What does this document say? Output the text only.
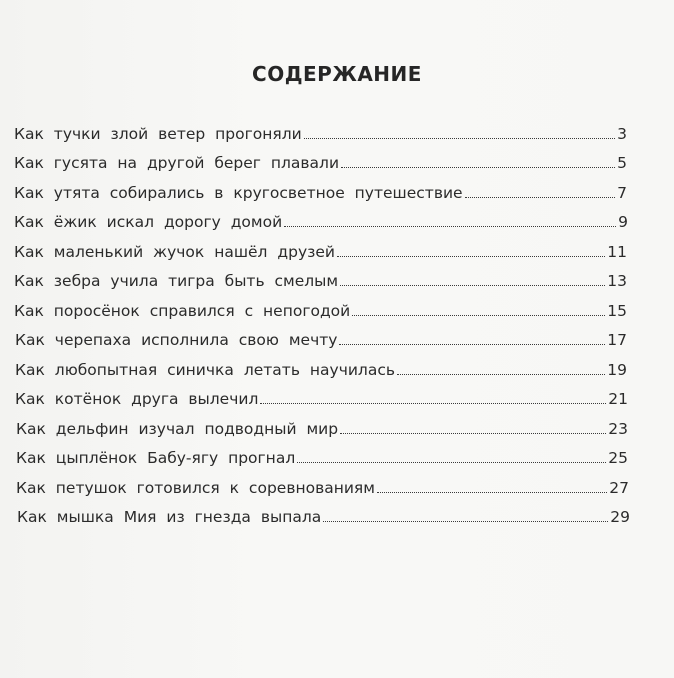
СОДЕРЖАНИЕ
Как тучки злой ветер прогоняли	3
Как гусята на другой берег плавали	5
Как утята собирались в кругосветное путешествие	7
Как ёжик искал дорогу домой	9
Как маленький жучок нашёл друзей	11
Как зебра учила тигра быть смелым	13
Как поросёнок справился с непогодой	15
Как черепаха исполнила свою мечту	17
Как любопытная синичка летать научилась	19
Как котёнок друга вылечил	21
Как дельфин изучал подводный мир	23
Как цыплёнок Бабу-ягу прогнал	25
Как петушок готовился к соревнованиям	27
Как мышка Мия из гнезда выпала	29
